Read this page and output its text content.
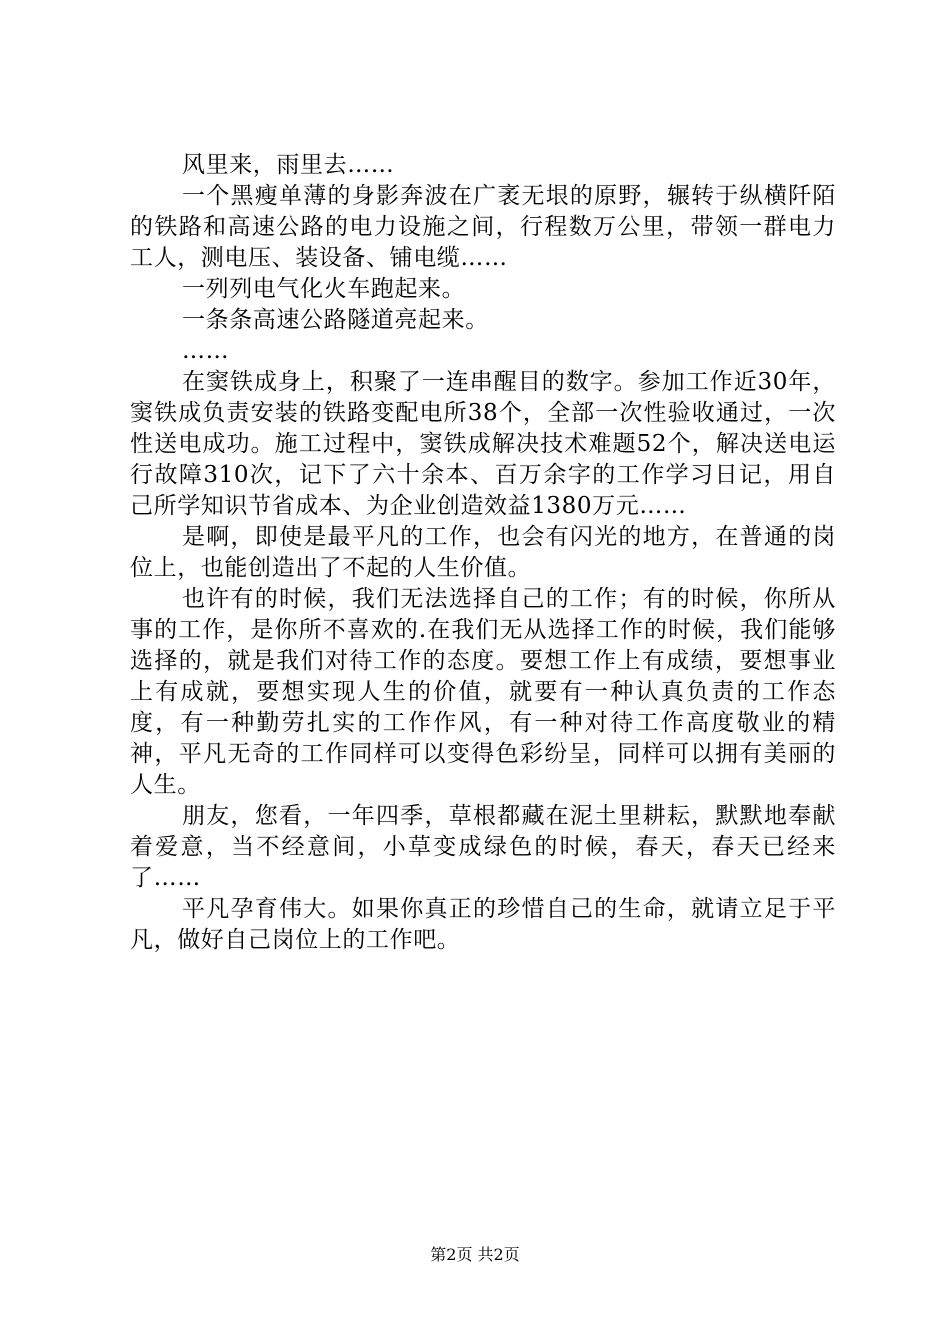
风里来，雨里去……

一个黑瘦单薄的身影奔波在广袤无垠的原野，辗转于纵横阡陌的铁路和高速公路的电力设施之间，行程数万公里，带领一群电力工人，测电压、装设备、铺电缆……

一列列电气化火车跑起来。

一条条高速公路隧道亮起来。

……

在窦铁成身上，积聚了一连串醒目的数字。参加工作近30年，窦铁成负责安装的铁路变配电所38个，全部一次性验收通过，一次性送电成功。施工过程中，窦铁成解决技术难题52个，解决送电运行故障310次，记下了六十余本、百万余字的工作学习日记，用自己所学知识节省成本、为企业创造效益1380万元……

是啊，即使是最平凡的工作，也会有闪光的地方，在普通的岗位上，也能创造出了不起的人生价值。

也许有的时候，我们无法选择自己的工作；有的时候，你所从事的工作，是你所不喜欢的.在我们无从选择工作的时候，我们能够选择的，就是我们对待工作的态度。要想工作上有成绩，要想事业上有成就，要想实现人生的价值，就要有一种认真负责的工作态度，有一种勤劳扎实的工作作风，有一种对待工作高度敬业的精神，平凡无奇的工作同样可以变得色彩纷呈，同样可以拥有美丽的人生。

朋友，您看，一年四季，草根都藏在泥土里耕耘，默默地奉献着爱意，当不经意间，小草变成绿色的时候，春天，春天已经来了……

平凡孕育伟大。如果你真正的珍惜自己的生命，就请立足于平凡，做好自己岗位上的工作吧。

第2页 共2页
